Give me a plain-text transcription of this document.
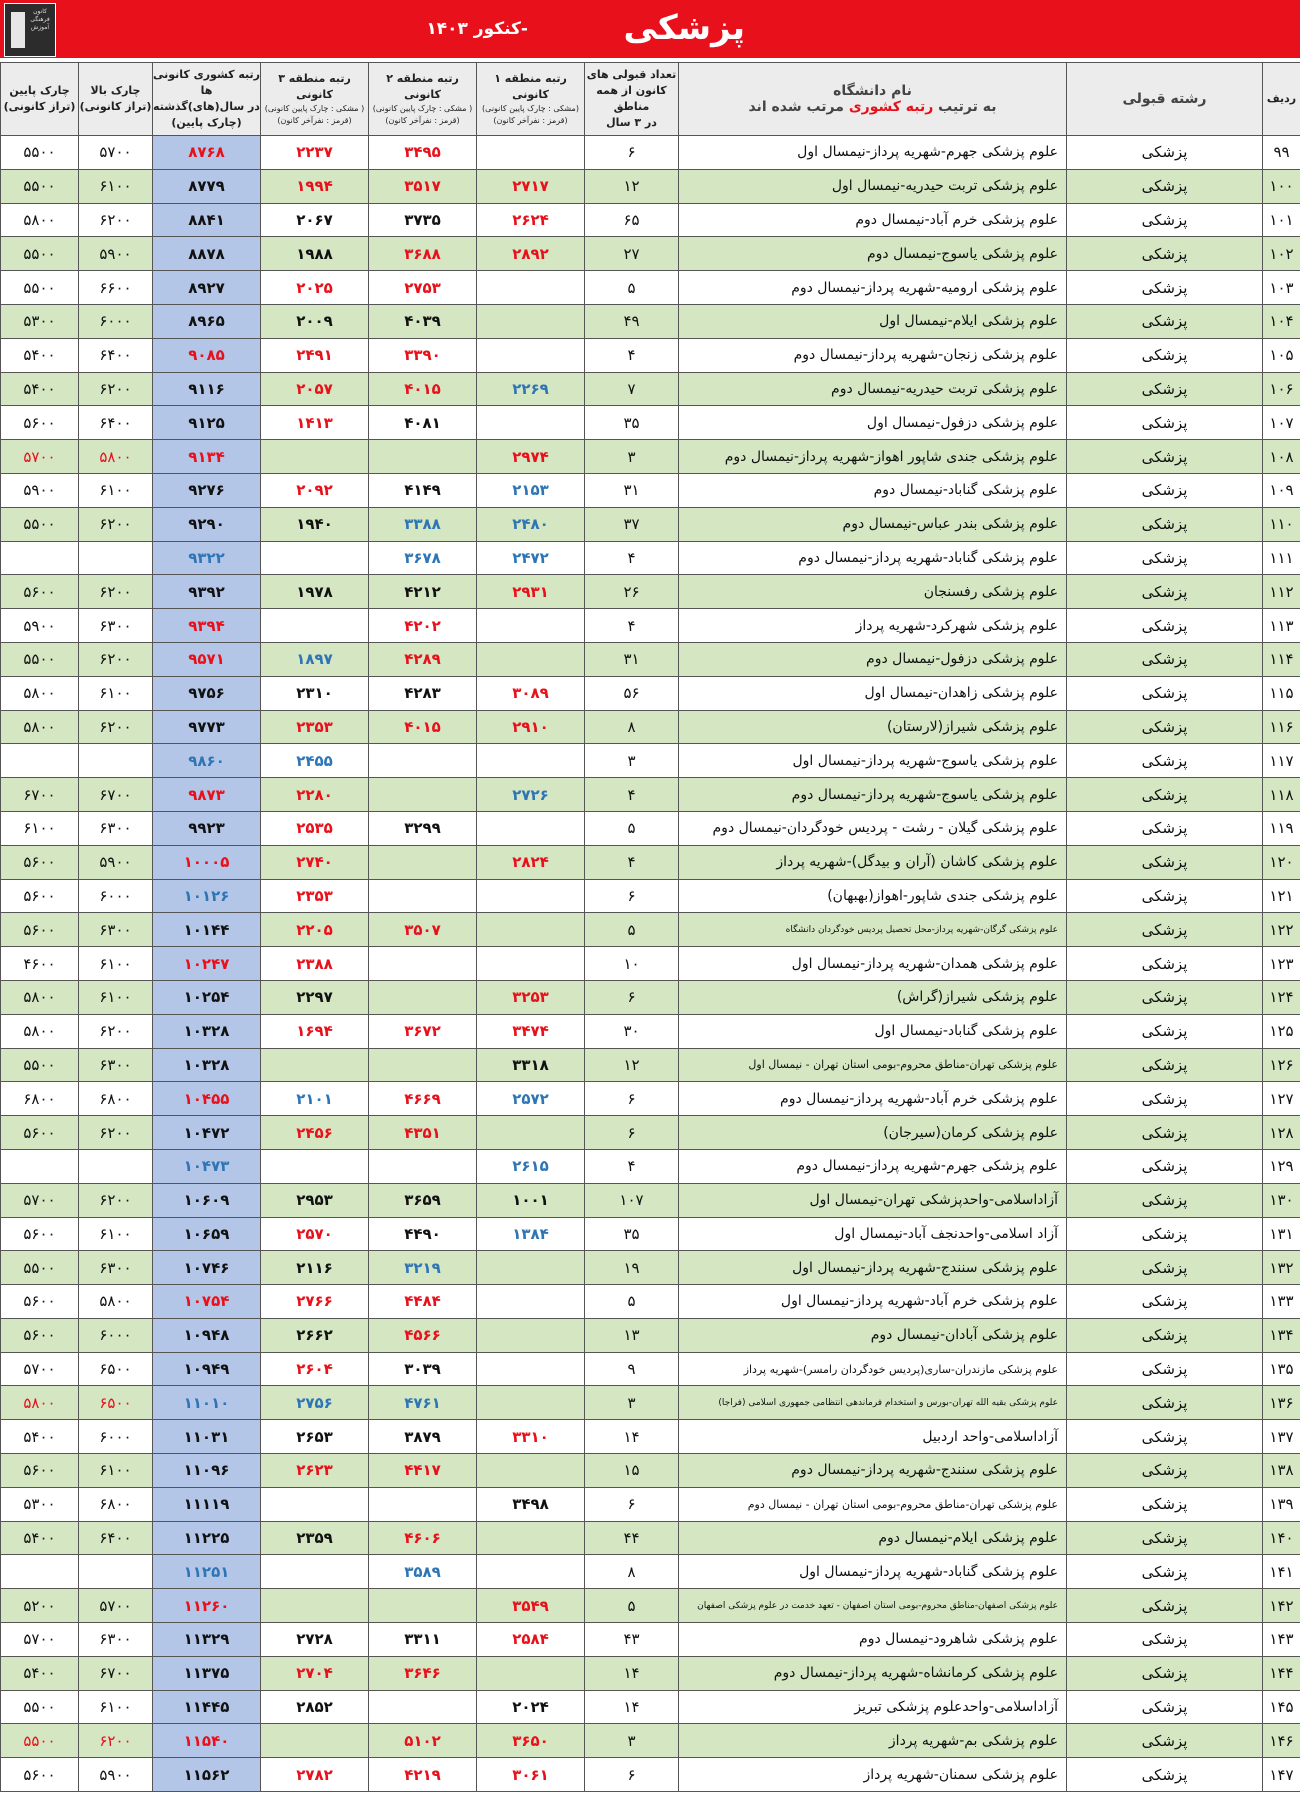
کانون فرهنگی آموزش	پزشکی
-کنکور ۱۴۰۳
ردیف	رشته قبولی	نام دانشگاه
به ترتیب رتبه کشوری مرتب شده اند	تعداد قبولی های
کانون از همه مناطق
در ۳ سال	رتبه منطقه ۱ کانونی
(مشکی : چارک پایین کانونی)
(قرمز : نفرآخر کانون)	رتبه منطقه ۲ کانونی
( مشکی : چارک پایین کانونی)
(قرمز : نفرآخر کانون)	رتبه منطقه ۳ کانونی
( مشکی : چارک پایین کانونی)
(قرمز : نفرآخر کانون)	رتبه کشوری کانونی ها
در سال(های)گذشته
(چارک پایین)	چارک بالا
(تراز کانونی)	چارک پایین
(تراز کانونی)

۹۹	پزشکی	علوم پزشکی جهرم-شهریه پرداز-نیمسال اول	۶		۳۴۹۵	۲۲۳۷	۸۷۶۸	۵۷۰۰	۵۵۰۰
۱۰۰	پزشکی	علوم پزشکی تربت حیدریه-نیمسال اول	۱۲	۲۷۱۷	۳۵۱۷	۱۹۹۴	۸۷۷۹	۶۱۰۰	۵۵۰۰
۱۰۱	پزشکی	علوم پزشکی خرم آباد-نیمسال دوم	۶۵	۲۶۲۴	۳۷۳۵	۲۰۶۷	۸۸۴۱	۶۲۰۰	۵۸۰۰
۱۰۲	پزشکی	علوم پزشکی یاسوج-نیمسال دوم	۲۷	۲۸۹۲	۳۶۸۸	۱۹۸۸	۸۸۷۸	۵۹۰۰	۵۵۰۰
۱۰۳	پزشکی	علوم پزشکی ارومیه-شهریه پرداز-نیمسال دوم	۵		۲۷۵۳	۲۰۲۵	۸۹۲۷	۶۶۰۰	۵۵۰۰
۱۰۴	پزشکی	علوم پزشکی ایلام-نیمسال اول	۴۹		۴۰۳۹	۲۰۰۹	۸۹۶۵	۶۰۰۰	۵۳۰۰
۱۰۵	پزشکی	علوم پزشکی زنجان-شهریه پرداز-نیمسال دوم	۴		۳۳۹۰	۲۴۹۱	۹۰۸۵	۶۴۰۰	۵۴۰۰
۱۰۶	پزشکی	علوم پزشکی تربت حیدریه-نیمسال دوم	۷	۲۲۶۹	۴۰۱۵	۲۰۵۷	۹۱۱۶	۶۲۰۰	۵۴۰۰
۱۰۷	پزشکی	علوم پزشکی دزفول-نیمسال اول	۳۵		۴۰۸۱	۱۴۱۳	۹۱۲۵	۶۴۰۰	۵۶۰۰
۱۰۸	پزشکی	علوم پزشکی جندی شاپور اهواز-شهریه پرداز-نیمسال دوم	۳	۲۹۷۴			۹۱۳۴	۵۸۰۰	۵۷۰۰
۱۰۹	پزشکی	علوم پزشکی گناباد-نیمسال دوم	۳۱	۲۱۵۳	۴۱۴۹	۲۰۹۲	۹۲۷۶	۶۱۰۰	۵۹۰۰
۱۱۰	پزشکی	علوم پزشکی بندر عباس-نیمسال دوم	۳۷	۲۴۸۰	۳۳۸۸	۱۹۴۰	۹۲۹۰	۶۲۰۰	۵۵۰۰
۱۱۱	پزشکی	علوم پزشکی گناباد-شهریه پرداز-نیمسال دوم	۴	۲۴۷۲	۳۶۷۸		۹۳۲۲		
۱۱۲	پزشکی	علوم پزشکی رفسنجان	۲۶	۲۹۳۱	۴۲۱۲	۱۹۷۸	۹۳۹۲	۶۲۰۰	۵۶۰۰
۱۱۳	پزشکی	علوم پزشکی شهرکرد-شهریه پرداز	۴		۴۲۰۲		۹۳۹۴	۶۳۰۰	۵۹۰۰
۱۱۴	پزشکی	علوم پزشکی دزفول-نیمسال دوم	۳۱		۴۲۸۹	۱۸۹۷	۹۵۷۱	۶۲۰۰	۵۵۰۰
۱۱۵	پزشکی	علوم پزشکی زاهدان-نیمسال اول	۵۶	۳۰۸۹	۴۲۸۳	۲۳۱۰	۹۷۵۶	۶۱۰۰	۵۸۰۰
۱۱۶	پزشکی	علوم پزشکی شیراز(لارستان)	۸	۲۹۱۰	۴۰۱۵	۲۳۵۳	۹۷۷۳	۶۲۰۰	۵۸۰۰
۱۱۷	پزشکی	علوم پزشکی یاسوج-شهریه پرداز-نیمسال اول	۳			۲۴۵۵	۹۸۶۰		
۱۱۸	پزشکی	علوم پزشکی یاسوج-شهریه پرداز-نیمسال دوم	۴	۲۷۲۶		۲۲۸۰	۹۸۷۳	۶۷۰۰	۶۷۰۰
۱۱۹	پزشکی	علوم پزشکی گیلان - رشت - پردیس خودگردان-نیمسال دوم	۵		۳۲۹۹	۲۵۳۵	۹۹۲۳	۶۳۰۰	۶۱۰۰
۱۲۰	پزشکی	علوم پزشکی کاشان (آران و بیدگل)-شهریه پرداز	۴	۲۸۲۴		۲۷۴۰	۱۰۰۰۵	۵۹۰۰	۵۶۰۰
۱۲۱	پزشکی	علوم پزشکی جندی شاپور-اهواز(بهبهان)	۶			۲۳۵۳	۱۰۱۲۶	۶۰۰۰	۵۶۰۰
۱۲۲	پزشکی	علوم پزشکی گرگان-شهریه پرداز-محل تحصیل پردیس خودگردان دانشگاه	۵		۳۵۰۷	۲۲۰۵	۱۰۱۴۴	۶۳۰۰	۵۶۰۰
۱۲۳	پزشکی	علوم پزشکی همدان-شهریه پرداز-نیمسال اول	۱۰			۲۳۸۸	۱۰۲۴۷	۶۱۰۰	۴۶۰۰
۱۲۴	پزشکی	علوم پزشکی شیراز(گراش)	۶	۳۲۵۳		۲۲۹۷	۱۰۲۵۴	۶۱۰۰	۵۸۰۰
۱۲۵	پزشکی	علوم پزشکی گناباد-نیمسال اول	۳۰	۳۴۷۴	۳۶۷۲	۱۶۹۴	۱۰۳۲۸	۶۲۰۰	۵۸۰۰
۱۲۶	پزشکی	علوم پزشکی تهران-مناطق محروم-بومی استان تهران - نیمسال اول	۱۲	۳۳۱۸			۱۰۳۲۸	۶۳۰۰	۵۵۰۰
۱۲۷	پزشکی	علوم پزشکی خرم آباد-شهریه پرداز-نیمسال دوم	۶	۲۵۷۲	۴۶۶۹	۲۱۰۱	۱۰۴۵۵	۶۸۰۰	۶۸۰۰
۱۲۸	پزشکی	علوم پزشکی کرمان(سیرجان)	۶		۴۳۵۱	۲۴۵۶	۱۰۴۷۲	۶۲۰۰	۵۶۰۰
۱۲۹	پزشکی	علوم پزشکی جهرم-شهریه پرداز-نیمسال دوم	۴	۲۶۱۵			۱۰۴۷۳		
۱۳۰	پزشکی	آزاداسلامی-واحدپزشکی تهران-نیمسال اول	۱۰۷	۱۰۰۱	۳۶۵۹	۲۹۵۳	۱۰۶۰۹	۶۲۰۰	۵۷۰۰
۱۳۱	پزشکی	آزاد اسلامی-واحدنجف آباد-نیمسال اول	۳۵	۱۳۸۴	۴۴۹۰	۲۵۷۰	۱۰۶۵۹	۶۱۰۰	۵۶۰۰
۱۳۲	پزشکی	علوم پزشکی سنندج-شهریه پرداز-نیمسال اول	۱۹		۳۲۱۹	۲۱۱۶	۱۰۷۴۶	۶۳۰۰	۵۵۰۰
۱۳۳	پزشکی	علوم پزشکی خرم آباد-شهریه پرداز-نیمسال اول	۵		۴۴۸۴	۲۷۶۶	۱۰۷۵۴	۵۸۰۰	۵۶۰۰
۱۳۴	پزشکی	علوم پزشکی آبادان-نیمسال دوم	۱۳		۴۵۶۶	۲۶۶۲	۱۰۹۴۸	۶۰۰۰	۵۶۰۰
۱۳۵	پزشکی	علوم پزشکی مازندران-ساری(پردیس خودگردان رامسر)-شهریه پرداز	۹		۳۰۳۹	۲۶۰۴	۱۰۹۴۹	۶۵۰۰	۵۷۰۰
۱۳۶	پزشکی	علوم پزشکی بقیه الله تهران-بورس و استخدام فرماندهی انتظامی جمهوری اسلامی (فراجا)	۳		۴۷۶۱	۲۷۵۶	۱۱۰۱۰	۶۵۰۰	۵۸۰۰
۱۳۷	پزشکی	آزاداسلامی-واحد اردبیل	۱۴	۳۳۱۰	۳۸۷۹	۲۶۵۳	۱۱۰۳۱	۶۰۰۰	۵۴۰۰
۱۳۸	پزشکی	علوم پزشکی سنندج-شهریه پرداز-نیمسال دوم	۱۵		۴۴۱۷	۲۶۲۳	۱۱۰۹۶	۶۱۰۰	۵۶۰۰
۱۳۹	پزشکی	علوم پزشکی تهران-مناطق محروم-بومی استان تهران - نیمسال دوم	۶	۳۴۹۸			۱۱۱۱۹	۶۸۰۰	۵۳۰۰
۱۴۰	پزشکی	علوم پزشکی ایلام-نیمسال دوم	۴۴		۴۶۰۶	۲۳۵۹	۱۱۲۲۵	۶۴۰۰	۵۴۰۰
۱۴۱	پزشکی	علوم پزشکی گناباد-شهریه پرداز-نیمسال اول	۸		۳۵۸۹		۱۱۲۵۱		
۱۴۲	پزشکی	علوم پزشکی اصفهان-مناطق محروم-بومی استان اصفهان - تعهد خدمت در علوم پزشکی اصفهان	۵	۳۵۴۹			۱۱۲۶۰	۵۷۰۰	۵۲۰۰
۱۴۳	پزشکی	علوم پزشکی شاهرود-نیمسال دوم	۴۳	۲۵۸۴	۳۳۱۱	۲۷۲۸	۱۱۳۲۹	۶۳۰۰	۵۷۰۰
۱۴۴	پزشکی	علوم پزشکی کرمانشاه-شهریه پرداز-نیمسال دوم	۱۴		۳۶۴۶	۲۷۰۴	۱۱۳۷۵	۶۷۰۰	۵۴۰۰
۱۴۵	پزشکی	آزاداسلامی-واحدعلوم پزشکی تبریز	۱۴	۲۰۲۴		۲۸۵۲	۱۱۴۴۵	۶۱۰۰	۵۵۰۰
۱۴۶	پزشکی	علوم پزشکی بم-شهریه پرداز	۳	۳۶۵۰	۵۱۰۲		۱۱۵۴۰	۶۲۰۰	۵۵۰۰
۱۴۷	پزشکی	علوم پزشکی سمنان-شهریه پرداز	۶	۳۰۶۱	۴۲۱۹	۲۷۸۲	۱۱۵۶۲	۵۹۰۰	۵۶۰۰
